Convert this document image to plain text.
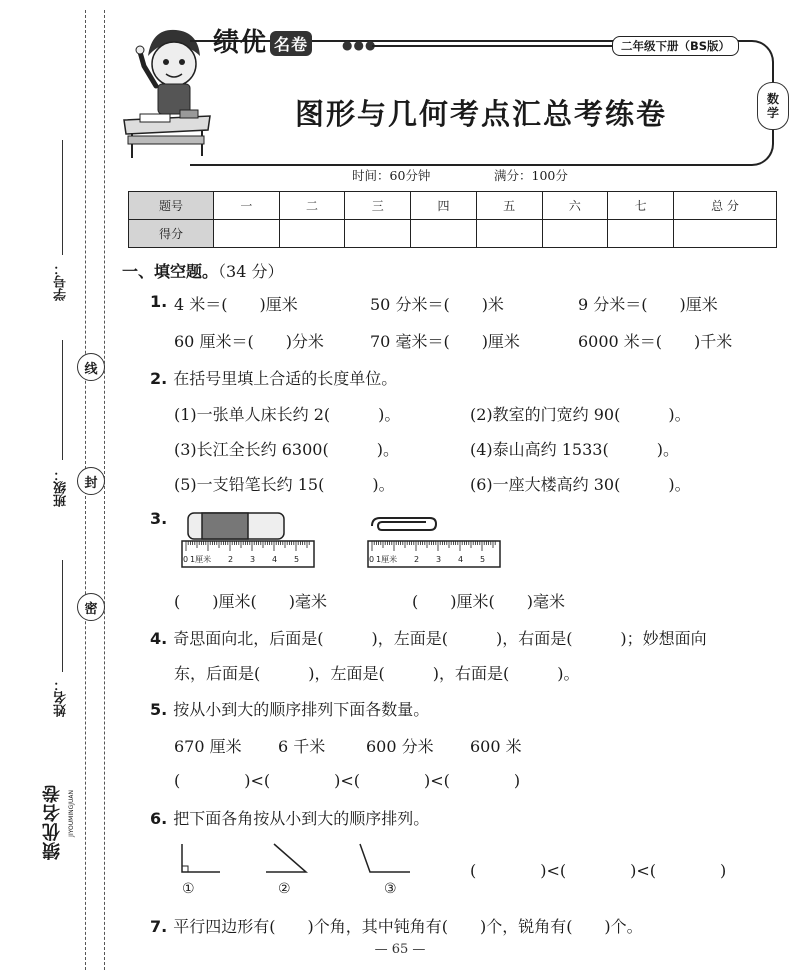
学号：
班级：
姓名：
线
封
密
绩优名卷 JIYOUMINGJUAN
绩优 名卷	●●●	二年级下册（BS版）
图形与几何考点汇总考练卷	数
学
时间：60分钟	满分：100分
题号	一	二	三	四	五	六	七	总 分
得分								
一、填空题。（34 分）
1. 4 米＝(　　)厘米	50 分米＝(　　)米	9 分米＝(　　)厘米
60 厘米＝(　　)分米	70 毫米＝(　　)厘米	6000 米＝(　　)千米
2. 在括号里填上合适的长度单位。
(1)一张单人床长约 2(　　　)。	(2)教室的门宽约 90(　　　)。
(3)长江全长约 6300(　　　)。	(4)泰山高约 1533(　　　)。
(5)一支铅笔长约 15(　　　)。	(6)一座大楼高约 30(　　　)。
3.
0 1厘米 2 3 4 5	0 1厘米 2 3 4 5
(　　)厘米(　　)毫米	(　　)厘米(　　)毫米
4. 奇思面向北，后面是(　　　)，左面是(　　　)，右面是(　　　)；妙想面向
东，后面是(　　　)，左面是(　　　)，右面是(　　　)。
5. 按从小到大的顺序排列下面各数量。
670 厘米 6 千米	600 分米 600 米
(　　　　)<(　　　　)<(　　　　)<(　　　　)
6. 把下面各角按从小到大的顺序排列。
①	②	③
(　　　　)<(　　　　)<(　　　　)
7. 平行四边形有(　　)个角，其中钝角有(　　)个，锐角有(　　)个。
— 65 —
